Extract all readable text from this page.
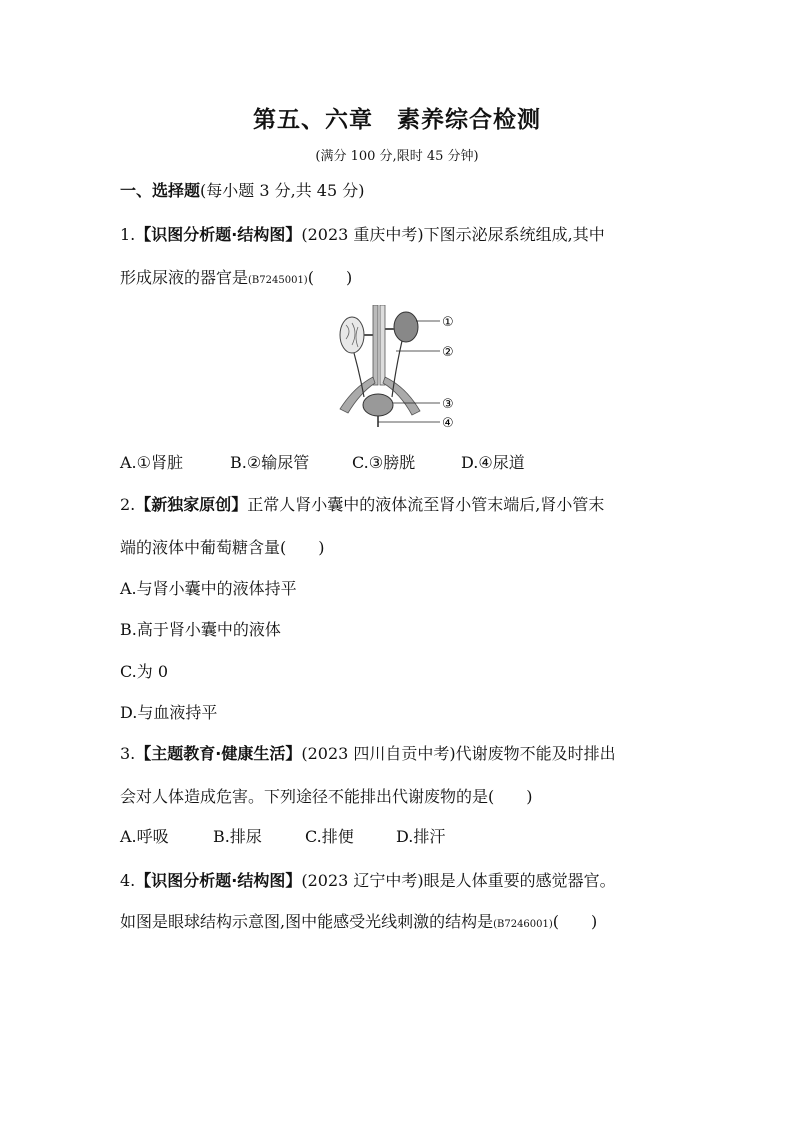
第五、六章　素养综合检测
(满分 100 分,限时 45 分钟)
一、选择题(每小题 3 分,共 45 分)
1.【识图分析题·结构图】(2023 重庆中考)下图示泌尿系统组成,其中
形成尿液的器官是(B7245001)(　　)
①
②
③
④
A.①肾脏	B.②输尿管	C.③膀胱	D.④尿道
2.【新独家原创】正常人肾小囊中的液体流至肾小管末端后,肾小管末
端的液体中葡萄糖含量(　　)
A.与肾小囊中的液体持平
B.高于肾小囊中的液体
C.为 0
D.与血液持平
3.【主题教育·健康生活】(2023 四川自贡中考)代谢废物不能及时排出
会对人体造成危害。下列途径不能排出代谢废物的是(　　)
A.呼吸	B.排尿	C.排便	D.排汗
4.【识图分析题·结构图】(2023 辽宁中考)眼是人体重要的感觉器官。
如图是眼球结构示意图,图中能感受光线刺激的结构是(B7246001)(　　)
